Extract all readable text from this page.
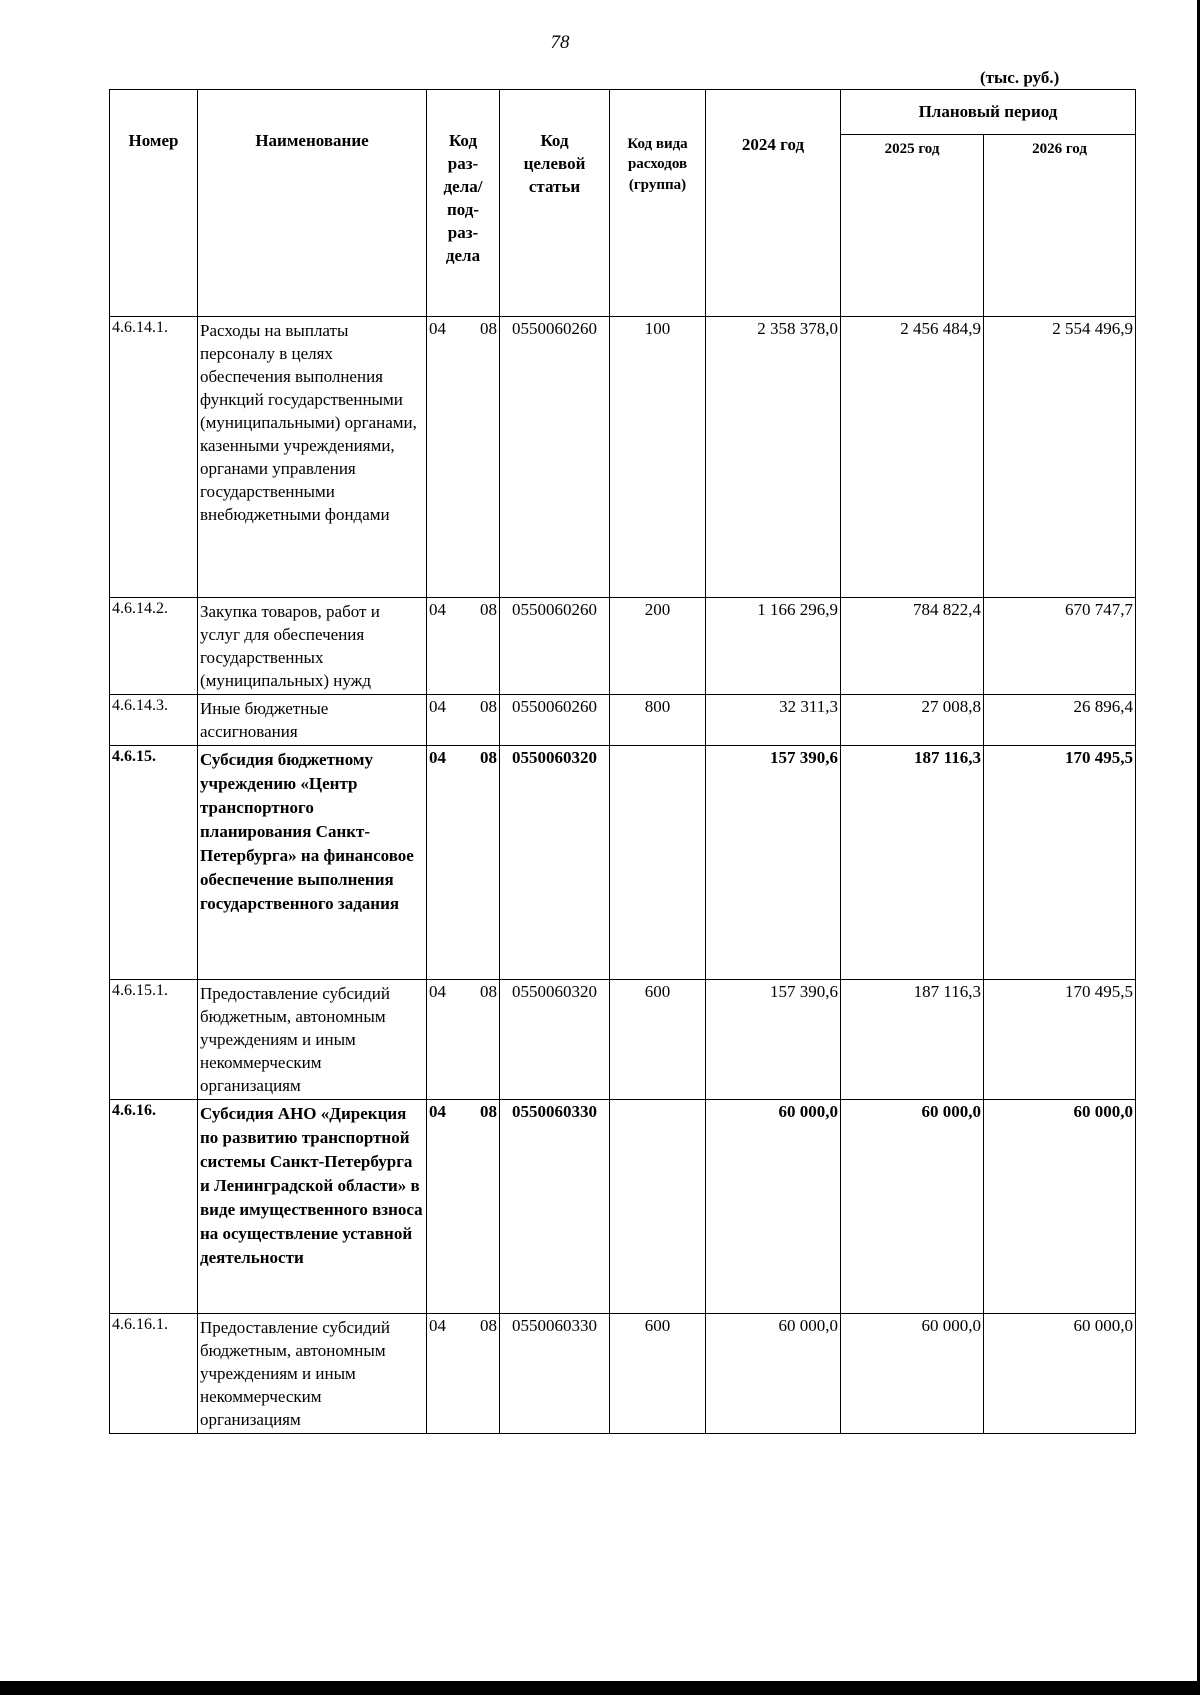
78
(тыс. руб.)
Номер	Наименование	Код раз-дела/ под-раз-дела	Код целевой статьи	Код вида расходов (группа)	2024 год	Плановый период	
						2025 год	2026 год
4.6.14.1.	Расходы на выплаты персоналу в целях обеспечения выполнения функций государственными (муниципальными) органами, казенными учреждениями, органами управления государственными внебюджетными фондами	04 08	0550060260	100	2 358 378,0	2 456 484,9	2 554 496,9
4.6.14.2.	Закупка товаров, работ и услуг для обеспечения государственных (муниципальных) нужд	04 08	0550060260	200	1 166 296,9	784 822,4	670 747,7
4.6.14.3.	Иные бюджетные ассигнования	04 08	0550060260	800	32 311,3	27 008,8	26 896,4
4.6.15.	Субсидия бюджетному учреждению «Центр транспортного планирования Санкт-Петербурга» на финансовое обеспечение выполнения государственного задания	04 08	0550060320		157 390,6	187 116,3	170 495,5
4.6.15.1.	Предоставление субсидий бюджетным, автономным учреждениям и иным некоммерческим организациям	04 08	0550060320	600	157 390,6	187 116,3	170 495,5
4.6.16.	Субсидия АНО «Дирекция по развитию транспортной системы Санкт-Петербурга и Ленинградской области» в виде имущественного взноса на осуществление уставной деятельности	04 08	0550060330		60 000,0	60 000,0	60 000,0
4.6.16.1.	Предоставление субсидий бюджетным, автономным учреждениям и иным некоммерческим организациям	04 08	0550060330	600	60 000,0	60 000,0	60 000,0
